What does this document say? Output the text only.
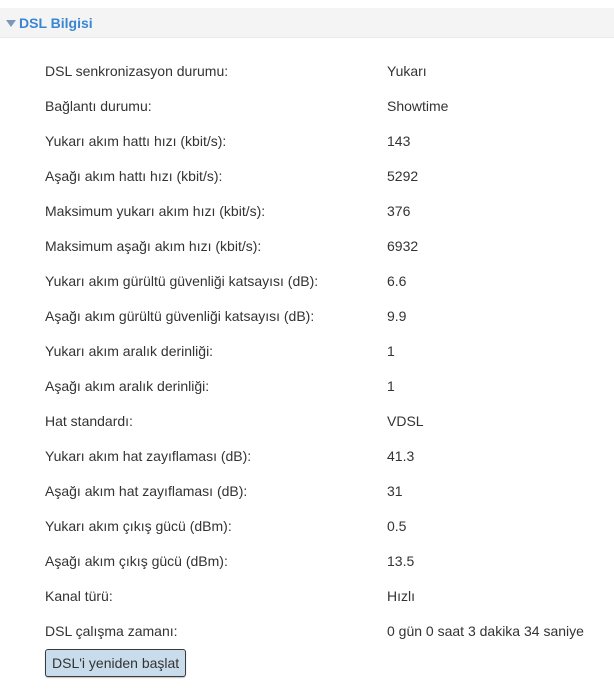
DSL Bilgisi
DSL senkronizasyon durumu:	Yukarı
Bağlantı durumu:	Showtime
Yukarı akım hattı hızı (kbit/s):	143
Aşağı akım hattı hızı (kbit/s):	5292
Maksimum yukarı akım hızı (kbit/s):	376
Maksimum aşağı akım hızı (kbit/s):	6932
Yukarı akım gürültü güvenliği katsayısı (dB):	6.6
Aşağı akım gürültü güvenliği katsayısı (dB):	9.9
Yukarı akım aralık derinliği:	1
Aşağı akım aralık derinliği:	1
Hat standardı:	VDSL
Yukarı akım hat zayıflaması (dB):	41.3
Aşağı akım hat zayıflaması (dB):	31
Yukarı akım çıkış gücü (dBm):	0.5
Aşağı akım çıkış gücü (dBm):	13.5
Kanal türü:	Hızlı
DSL çalışma zamanı:	0 gün 0 saat 3 dakika 34 saniye
DSL'i yeniden başlat
